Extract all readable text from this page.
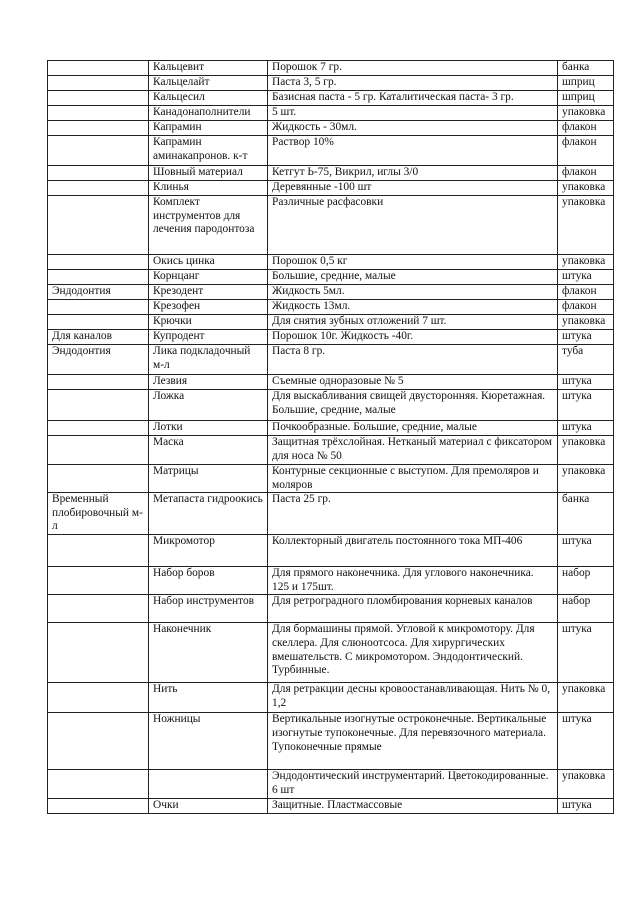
	Кальцевит	Порошок 7 гр.	банка
	Кальцелайт	Паста 3, 5 гр.	шприц
	Кальцесил	Базисная паста - 5 гр. Каталитическая паста- 3 гр.	шприц
	Канадонаполнители	5 шт.	упаковка
	Капрамин	Жидкость - 30мл.	флакон
	Капрамин аминакапронов. к-т	Раствор 10%	флакон
	Шовный материал	Кетгут Ь-75, Викрил, иглы 3/0	флакон
	Клинья	Деревянные -100 шт	упаковка
	Комплект инструментов для лечения пародонтоза	Различные расфасовки	упаковка
	Окись цинка	Порошок 0,5 кг	упаковка
	Корнцанг	Большие, средние, малые	штука
Эндодонтия	Крезодент	Жидкость 5мл.	флакон
	Крезофен	Жидкость 13мл.	флакон
	Крючки	Для снятия зубных отложений 7 шт.	упаковка
Для каналов	Купродент	Порошок 10г. Жидкость -40г.	штука
Эндодонтия	Лика подкладочный м-л	Паста 8 гр.	туба
	Лезвия	Съемные одноразовые № 5	штука
	Ложка	Для выскабливания свищей двусторонняя. Кюретажная. Большие, средние, малые	штука
	Лотки	Почкообразные. Большие, средние, малые	штука
	Маска	Защитная трёхслойная. Нетканый материал с фиксатором для носа № 50	упаковка
	Матрицы	Контурные секционные с выступом. Для премоляров и моляров	упаковка
Временный плобировочный м-л	Метапаста гидроокись	Паста 25 гр.	банка
	Микромотор	Коллекторный двигатель постоянного тока МП-406	штука
	Набор боров	Для прямого наконечника. Для углового наконечника. 125 и 175шт.	набор
	Набор инструментов	Для ретроградного пломбирования корневых каналов	набор
	Наконечник	Для бормашины прямой. Угловой к микромотору. Для скеллера. Для слюноотсоса. Для хирургических вмешательств. С микромотором. Эндодонтический. Турбинные.	штука
	Нить	Для ретракции десны кровоостанавливающая. Нить № 0, 1,2	упаковка
	Ножницы	Вертикальные изогнутые остроконечные. Вертикальные изогнутые тупоконечные. Для перевязочного материала. Тупоконечные прямые	штука
		Эндодонтический инструментарий. Цветокодированные. 6 шт	упаковка
	Очки	Защитные. Пластмассовые	штука
